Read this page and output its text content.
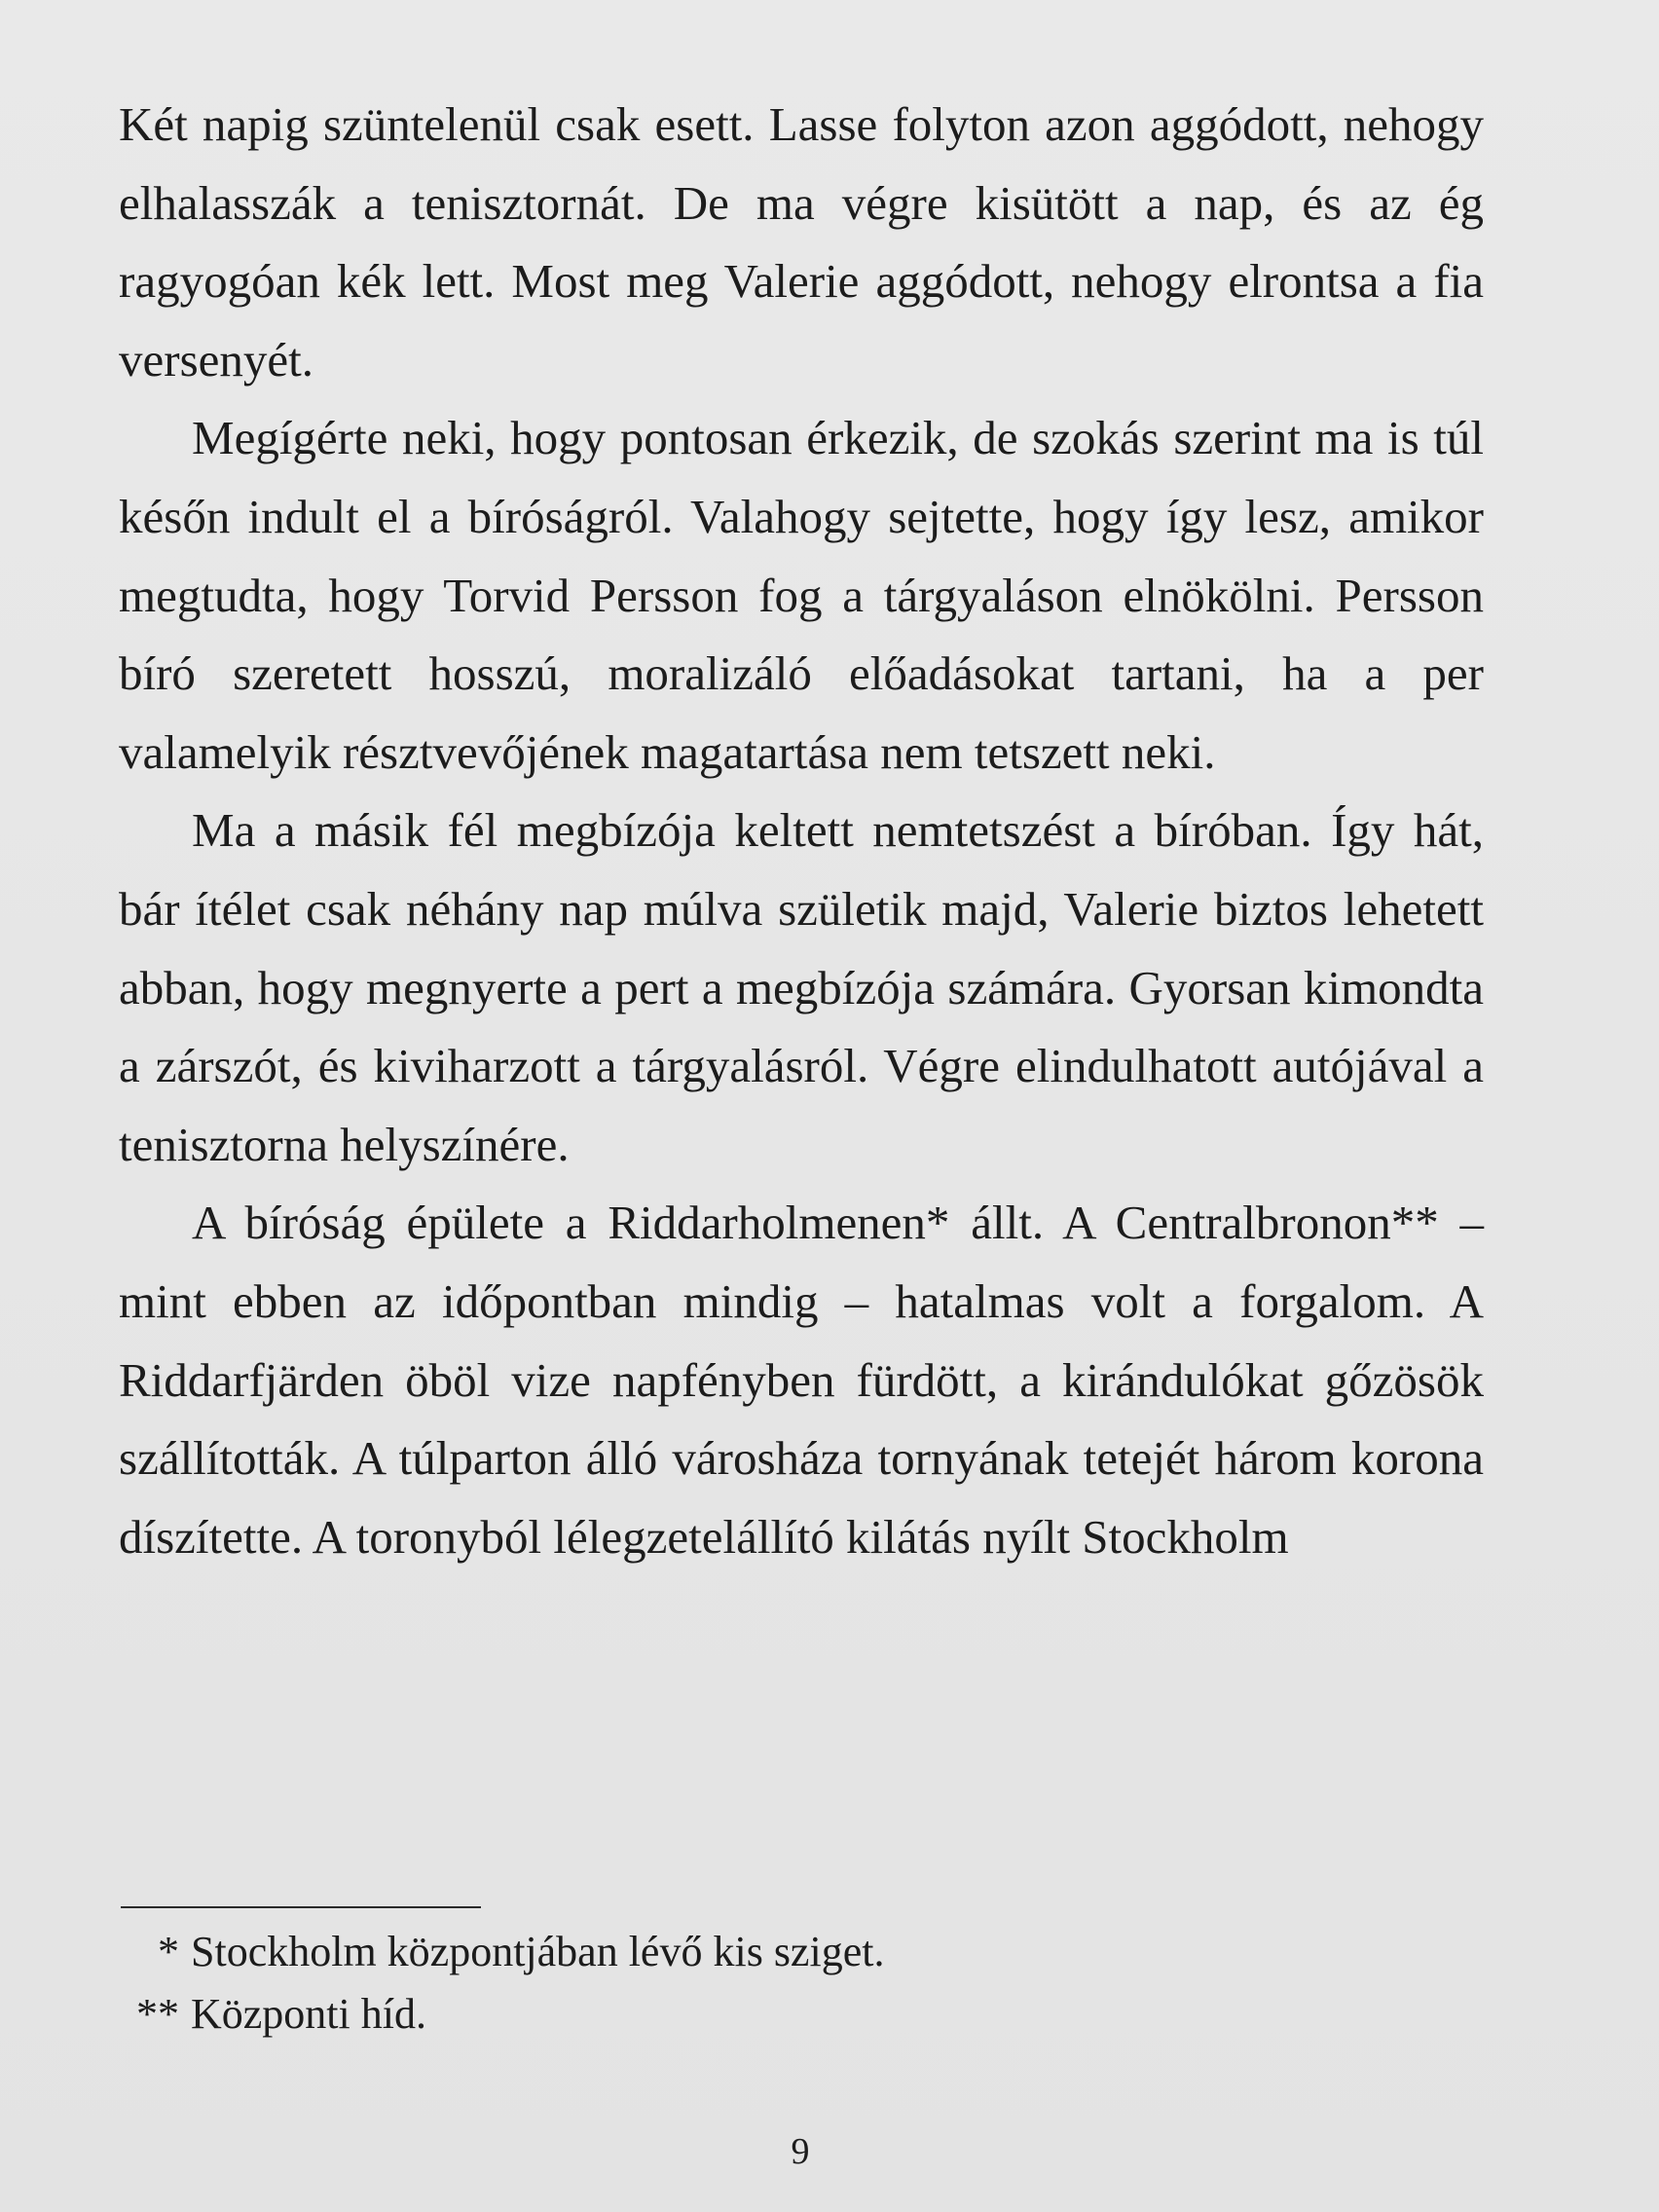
Két napig szüntelenül csak esett. Lasse folyton azon aggódott, nehogy elhalasszák a tenisztornát. De ma végre kisütött a nap, és az ég ragyogóan kék lett. Most meg Valerie aggódott, nehogy elrontsa a fia versenyét.

Megígérte neki, hogy pontosan érkezik, de szokás szerint ma is túl későn indult el a bíróságról. Valahogy sejtette, hogy így lesz, amikor megtudta, hogy Torvid Persson fog a tárgyaláson elnökölni. Persson bíró szeretett hosszú, moralizáló előadásokat tartani, ha a per valamelyik résztvevőjének magatartása nem tetszett neki.

Ma a másik fél megbízója keltett nemtetszést a bíróban. Így hát, bár ítélet csak néhány nap múlva születik majd, Valerie biztos lehetett abban, hogy megnyerte a pert a megbízója számára. Gyorsan kimondta a zárszót, és kiviharzott a tárgyalásról. Végre elindulhatott autójával a tenisztorna helyszínére.

A bíróság épülete a Riddarholmenen* állt. A Centralbronon** – mint ebben az időpontban mindig – hatalmas volt a forgalom. A Riddarfjärden öböl vize napfényben fürdött, a kirándulókat gőzösök szállították. A túlparton álló városháza tornyának tetejét három korona díszítette. A toronyból lélegzetelállító kilátás nyílt Stockholm

* Stockholm központjában lévő kis sziget.
** Központi híd.
9
